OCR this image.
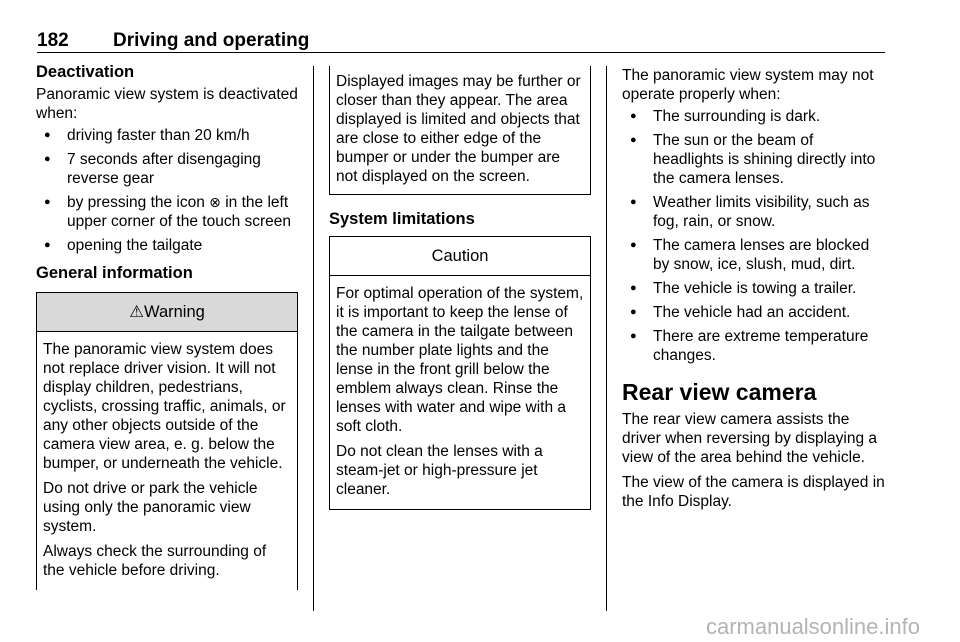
182 Driving and operating
Deactivation

Panoramic view system is deactivated when:

● driving faster than 20 km/h
● 7 seconds after disengaging reverse gear
● by pressing the icon ⊗ in the left upper corner of the touch screen
● opening the tailgate
General information
⚠Warning

The panoramic view system does not replace driver vision. It will not display children, pedestrians, cyclists, crossing traffic, animals, or any other objects outside of the camera view area, e. g. below the bumper, or underneath the vehicle.

Do not drive or park the vehicle using only the panoramic view system.

Always check the surrounding of the vehicle before driving.

Displayed images may be further or closer than they appear. The area displayed is limited and objects that are close to either edge of the bumper or under the bumper are not displayed on the screen.

System limitations
Caution

For optimal operation of the system, it is important to keep the lense of the camera in the tailgate between the number plate lights and the lense in the front grill below the emblem always clean. Rinse the lenses with water and wipe with a soft cloth.

Do not clean the lenses with a steam-jet or high-pressure jet cleaner.

The panoramic view system may not operate properly when:

● The surrounding is dark.
● The sun or the beam of headlights is shining directly into the camera lenses.
● Weather limits visibility, such as fog, rain, or snow.
● The camera lenses are blocked by snow, ice, slush, mud, dirt.
● The vehicle is towing a trailer.
● The vehicle had an accident.
● There are extreme temperature changes.
Rear view camera

The rear view camera assists the driver when reversing by displaying a view of the area behind the vehicle.

The view of the camera is displayed in the Info Display.

carmanualsonline.info
